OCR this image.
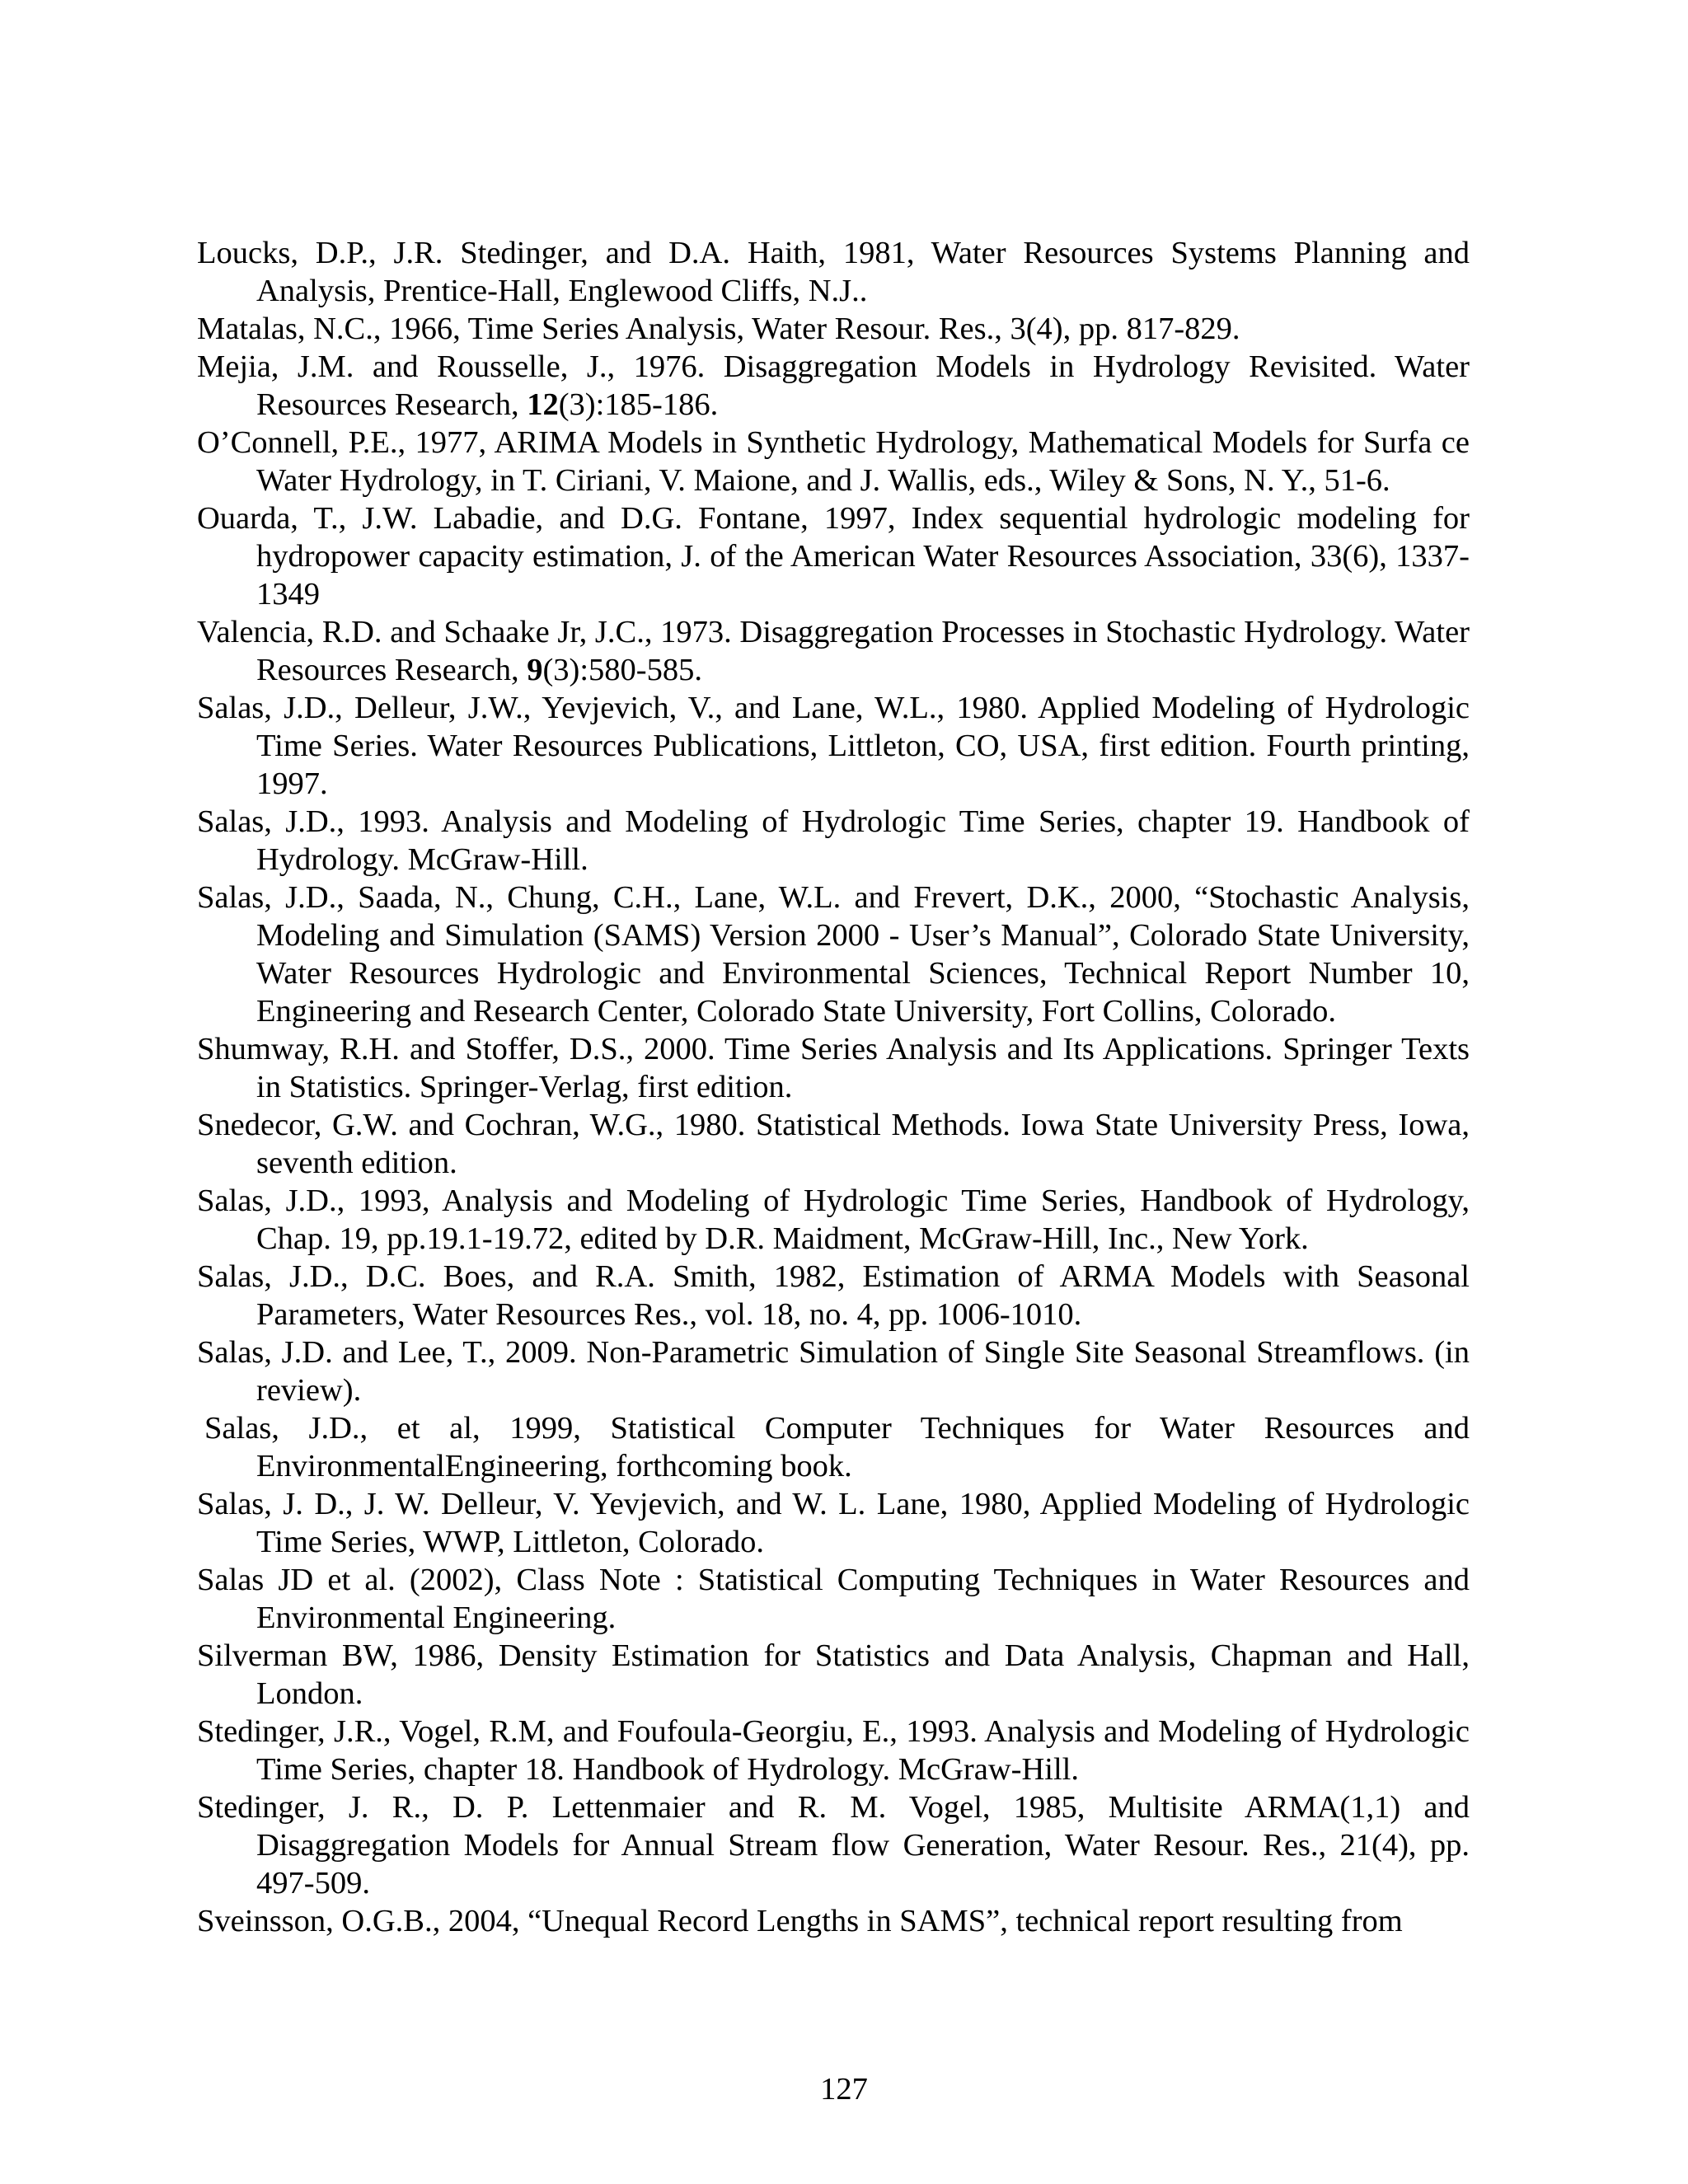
Loucks, D.P., J.R. Stedinger, and D.A. Haith, 1981, Water Resources Systems Planning and Analysis, Prentice-Hall, Englewood Cliffs, N.J..
Matalas, N.C., 1966, Time Series Analysis, Water Resour. Res., 3(4), pp. 817-829.
Mejia, J.M. and Rousselle, J., 1976. Disaggregation Models in Hydrology Revisited. Water Resources Research, 12(3):185-186.
O’Connell, P.E., 1977, ARIMA Models in Synthetic Hydrology, Mathematical Models for Surfa ce Water Hydrology, in T. Ciriani, V. Maione, and J. Wallis, eds., Wiley & Sons, N. Y., 51-6.
Ouarda, T., J.W. Labadie, and D.G. Fontane, 1997, Index sequential hydrologic modeling for hydropower capacity estimation, J. of the American Water Resources Association, 33(6), 1337-1349
Valencia, R.D. and Schaake Jr, J.C., 1973. Disaggregation Processes in Stochastic Hydrology. Water Resources Research, 9(3):580-585.
Salas, J.D., Delleur, J.W., Yevjevich, V., and Lane, W.L., 1980. Applied Modeling of Hydrologic Time Series. Water Resources Publications, Littleton, CO, USA, first edition. Fourth printing, 1997.
Salas, J.D., 1993. Analysis and Modeling of Hydrologic Time Series, chapter 19. Handbook of Hydrology. McGraw-Hill.
Salas, J.D., Saada, N., Chung, C.H., Lane, W.L. and Frevert, D.K., 2000, “Stochastic Analysis, Modeling and Simulation (SAMS) Version 2000 - User’s Manual”, Colorado State University, Water Resources Hydrologic and Environmental Sciences, Technical Report Number 10, Engineering and Research Center, Colorado State University, Fort Collins, Colorado.
Shumway, R.H. and Stoffer, D.S., 2000. Time Series Analysis and Its Applications. Springer Texts in Statistics. Springer-Verlag, first edition.
Snedecor, G.W. and Cochran, W.G., 1980. Statistical Methods. Iowa State University Press, Iowa, seventh edition.
Salas, J.D., 1993, Analysis and Modeling of Hydrologic Time Series, Handbook of Hydrology, Chap. 19, pp.19.1-19.72, edited by D.R. Maidment, McGraw-Hill, Inc., New York.
Salas, J.D., D.C. Boes, and R.A. Smith, 1982, Estimation of ARMA Models with Seasonal Parameters, Water Resources Res., vol. 18, no. 4, pp. 1006-1010.
Salas, J.D. and Lee, T., 2009. Non-Parametric Simulation of Single Site Seasonal Streamflows. (in review).
Salas, J.D., et al, 1999, Statistical Computer Techniques for Water Resources and EnvironmentalEngineering, forthcoming book.
Salas, J. D., J. W. Delleur, V. Yevjevich, and W. L. Lane, 1980, Applied Modeling of Hydrologic Time Series, WWP, Littleton, Colorado.
Salas JD et al. (2002), Class Note : Statistical Computing Techniques in Water Resources and Environmental Engineering.
Silverman BW, 1986, Density Estimation for Statistics and Data Analysis, Chapman and Hall, London.
Stedinger, J.R., Vogel, R.M, and Foufoula-Georgiu, E., 1993. Analysis and Modeling of Hydrologic Time Series, chapter 18. Handbook of Hydrology. McGraw-Hill.
Stedinger, J. R., D. P. Lettenmaier and R. M. Vogel, 1985, Multisite ARMA(1,1) and Disaggregation Models for Annual Stream flow Generation, Water Resour. Res., 21(4), pp. 497-509.
Sveinsson, O.G.B., 2004, “Unequal Record Lengths in SAMS”, technical report resulting from
127
